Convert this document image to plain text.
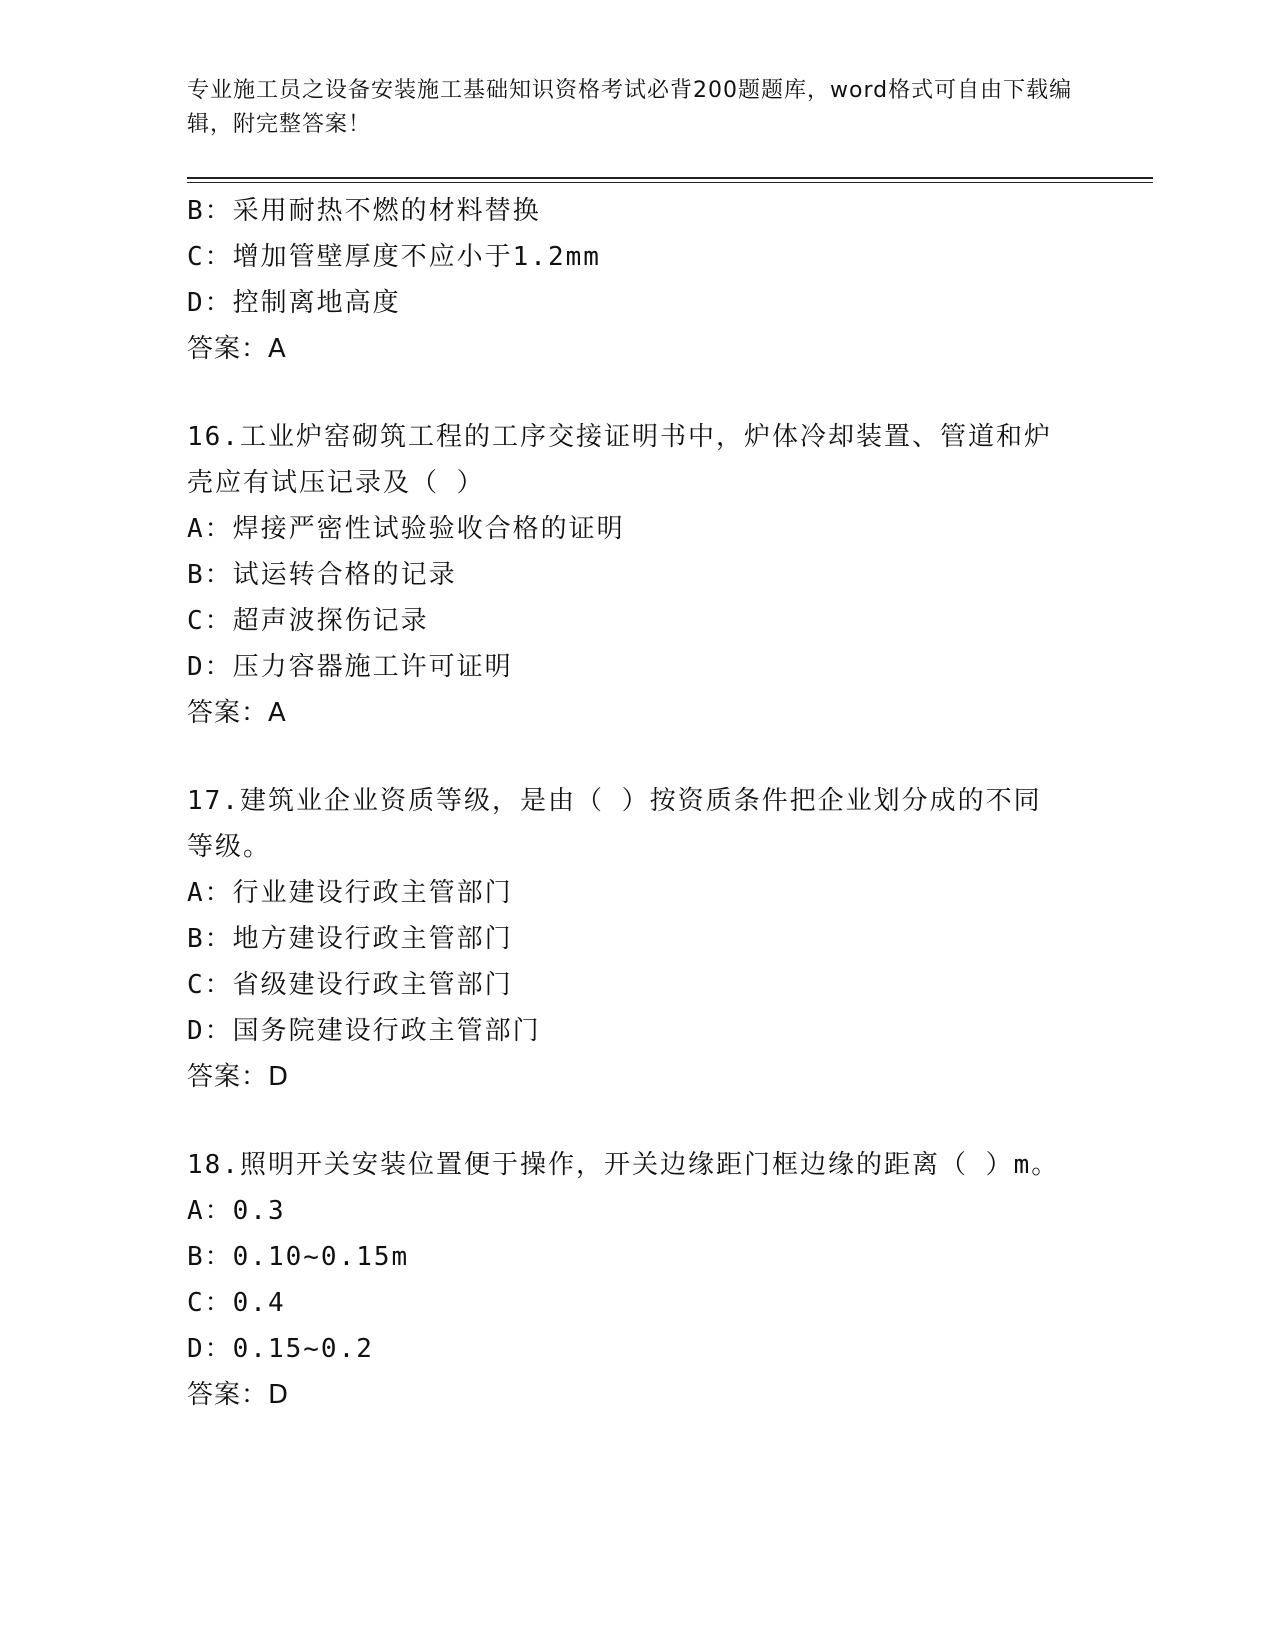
专业施工员之设备安装施工基础知识资格考试必背200题题库，word格式可自由下载编辑，附完整答案！
B：采用耐热不燃的材料替换
C：增加管壁厚度不应小于1.2mm
D：控制离地高度
答案：A
16.工业炉窑砌筑工程的工序交接证明书中，炉体冷却装置、管道和炉
壳应有试压记录及（ ）
A：焊接严密性试验验收合格的证明
B：试运转合格的记录
C：超声波探伤记录
D：压力容器施工许可证明
答案：A
17.建筑业企业资质等级，是由（ ）按资质条件把企业划分成的不同
等级。
A：行业建设行政主管部门
B：地方建设行政主管部门
C：省级建设行政主管部门
D：国务院建设行政主管部门
答案：D
18.照明开关安装位置便于操作，开关边缘距门框边缘的距离（ ）m。
A：0.3
B：0.10~0.15m
C：0.4
D：0.15~0.2
答案：D
